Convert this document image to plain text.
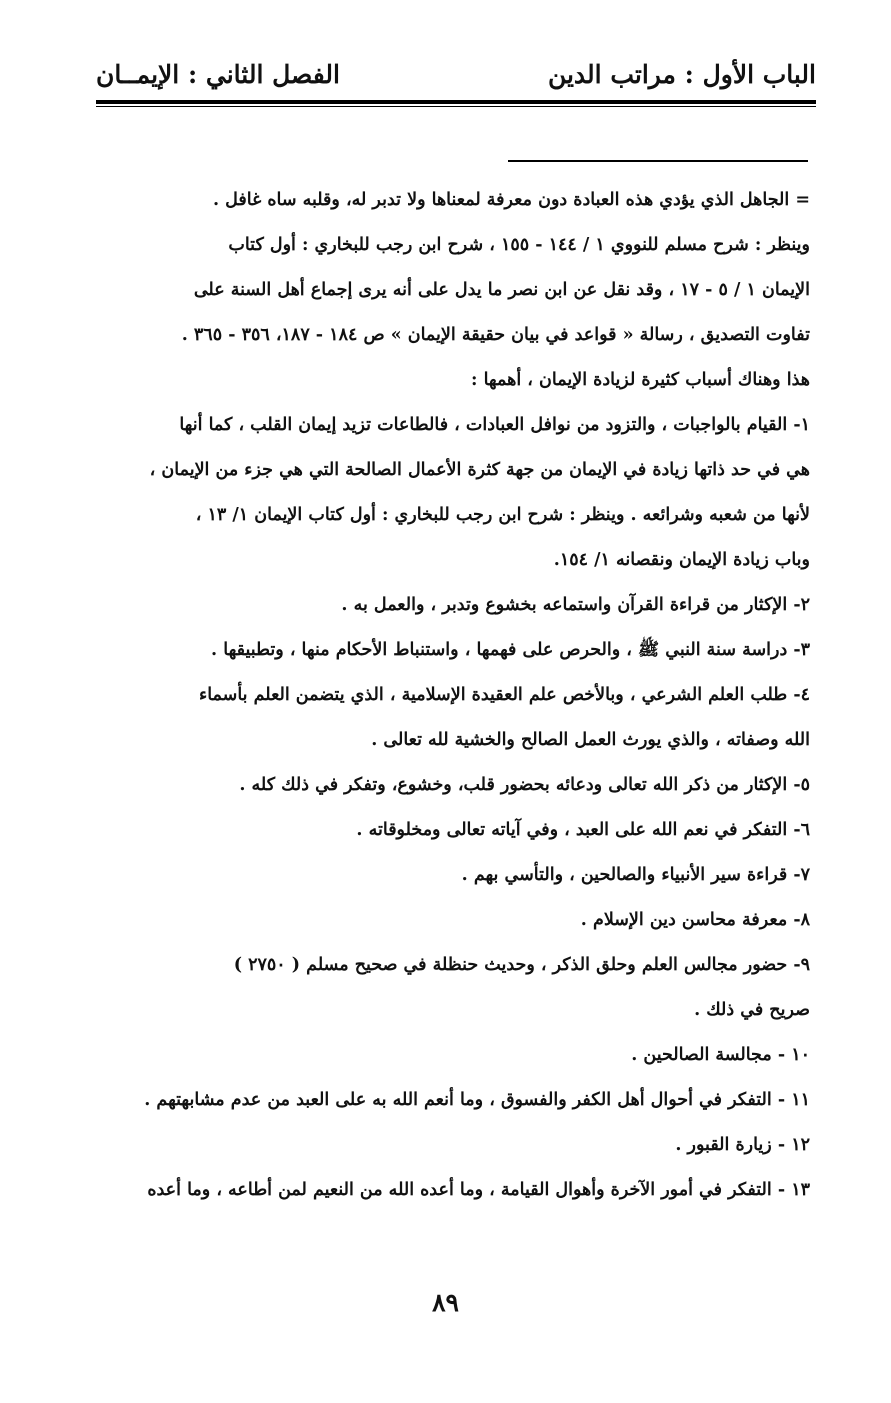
الباب الأول : مراتب الدين
الفصل الثاني : الإيمــان

= الجاهل الذي يؤدي هذه العبادة دون معرفة لمعناها ولا تدبر له، وقلبه ساه غافل .

وينظر : شرح مسلم للنووي ١ / ١٤٤ - ١٥٥ ، شرح ابن رجب للبخاري : أول كتاب

الإيمان ١ / ٥ - ١٧ ، وقد نقل عن ابن نصر ما يدل على أنه يرى إجماع أهل السنة على

تفاوت التصديق ، رسالة « قواعد في بيان حقيقة الإيمان » ص ١٨٤ - ١٨٧، ٣٥٦ - ٣٦٥ .

هذا وهناك أسباب كثيرة لزيادة الإيمان ، أهمها :

١- القيام بالواجبات ، والتزود من نوافل العبادات ، فالطاعات تزيد إيمان القلب ، كما أنها

هي في حد ذاتها زيادة في الإيمان من جهة كثرة الأعمال الصالحة التي هي جزء من الإيمان ،

لأنها من شعبه وشرائعه . وينظر : شرح ابن رجب للبخاري : أول كتاب الإيمان ١/ ١٣ ،

وباب زيادة الإيمان ونقصانه ١/ ١٥٤.

٢- الإكثار من قراءة القرآن واستماعه بخشوع وتدبر ، والعمل به .

٣- دراسة سنة النبي ﷺ ، والحرص على فهمها ، واستنباط الأحكام منها ، وتطبيقها .

٤- طلب العلم الشرعي ، وبالأخص علم العقيدة الإسلامية ، الذي يتضمن العلم بأسماء

الله وصفاته ، والذي يورث العمل الصالح والخشية لله تعالى .

٥- الإكثار من ذكر الله تعالى ودعائه بحضور قلب، وخشوع، وتفكر في ذلك كله .

٦- التفكر في نعم الله على العبد ، وفي آياته تعالى ومخلوقاته .

٧- قراءة سير الأنبياء والصالحين ، والتأسي بهم .

٨- معرفة محاسن دين الإسلام .

٩- حضور مجالس العلم وحلق الذكر ، وحديث حنظلة في صحيح مسلم ( ٢٧٥٠ )

صريح في ذلك .

١٠ - مجالسة الصالحين .

١١ - التفكر في أحوال أهل الكفر والفسوق ، وما أنعم الله به على العبد من عدم مشابهتهم .

١٢ - زيارة القبور .

١٣ - التفكر في أمور الآخرة وأهوال القيامة ، وما أعده الله من النعيم لمن أطاعه ، وما أعده

٨٩
